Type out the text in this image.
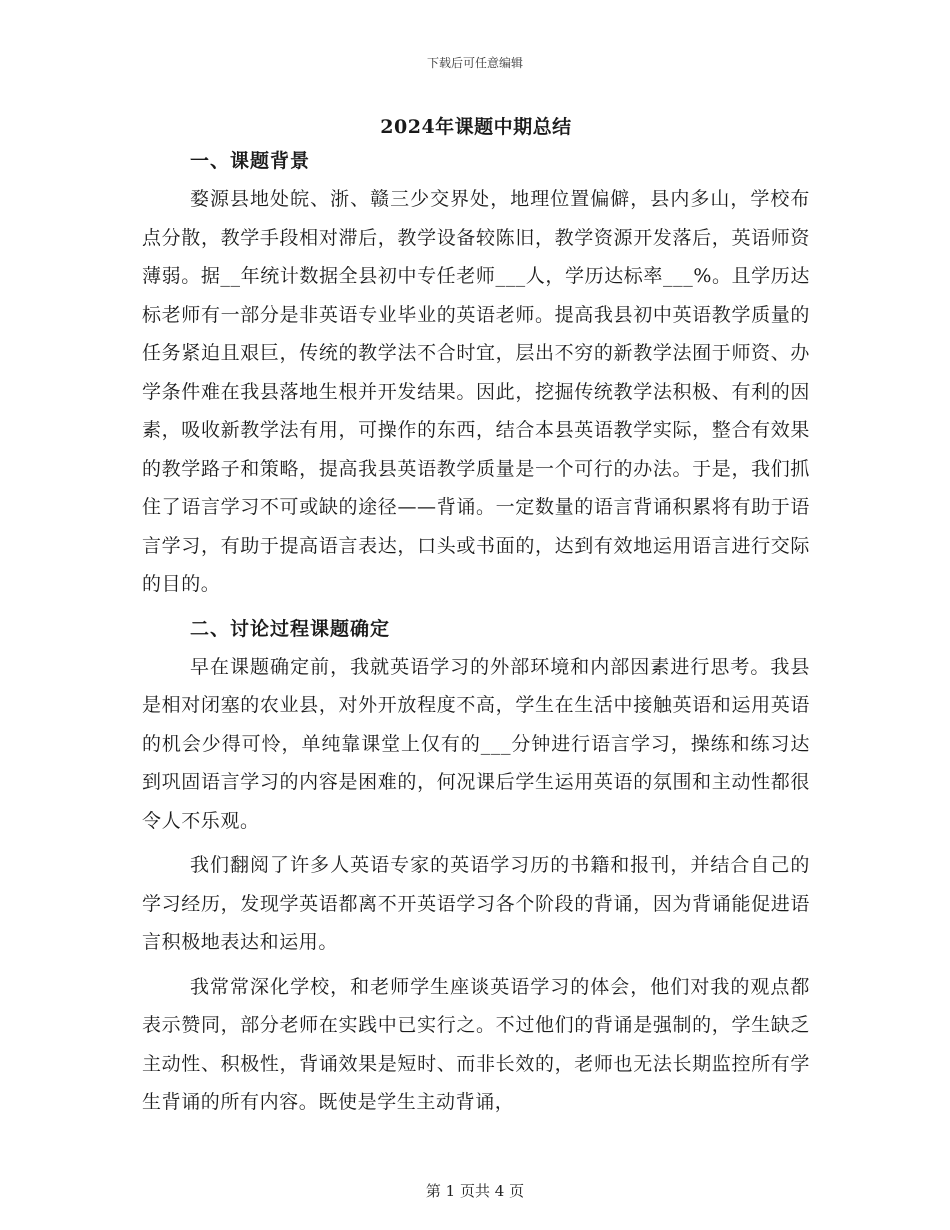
下载后可任意编辑
2024年课题中期总结
一、课题背景

婺源县地处皖、浙、赣三少交界处，地理位置偏僻，县内多山，学校布点分散，教学手段相对滞后，教学设备较陈旧，教学资源开发落后，英语师资薄弱。据__年统计数据全县初中专任老师___人，学历达标率___%。且学历达标老师有一部分是非英语专业毕业的英语老师。提高我县初中英语教学质量的任务紧迫且艰巨，传统的教学法不合时宜，层出不穷的新教学法囿于师资、办学条件难在我县落地生根并开发结果。因此，挖掘传统教学法积极、有利的因素，吸收新教学法有用，可操作的东西，结合本县英语教学实际，整合有效果的教学路子和策略，提高我县英语教学质量是一个可行的办法。于是，我们抓住了语言学习不可或缺的途径——背诵。一定数量的语言背诵积累将有助于语言学习，有助于提高语言表达，口头或书面的，达到有效地运用语言进行交际的目的。

二、讨论过程课题确定

早在课题确定前，我就英语学习的外部环境和内部因素进行思考。我县是相对闭塞的农业县，对外开放程度不高，学生在生活中接触英语和运用英语的机会少得可怜，单纯靠课堂上仅有的___分钟进行语言学习，操练和练习达到巩固语言学习的内容是困难的，何况课后学生运用英语的氛围和主动性都很令人不乐观。

我们翻阅了许多人英语专家的英语学习历的书籍和报刊，并结合自己的学习经历，发现学英语都离不开英语学习各个阶段的背诵，因为背诵能促进语言积极地表达和运用。

我常常深化学校，和老师学生座谈英语学习的体会，他们对我的观点都表示赞同，部分老师在实践中已实行之。不过他们的背诵是强制的，学生缺乏主动性、积极性，背诵效果是短时、而非长效的，老师也无法长期监控所有学生背诵的所有内容。既使是学生主动背诵，

第 1 页共 4 页
